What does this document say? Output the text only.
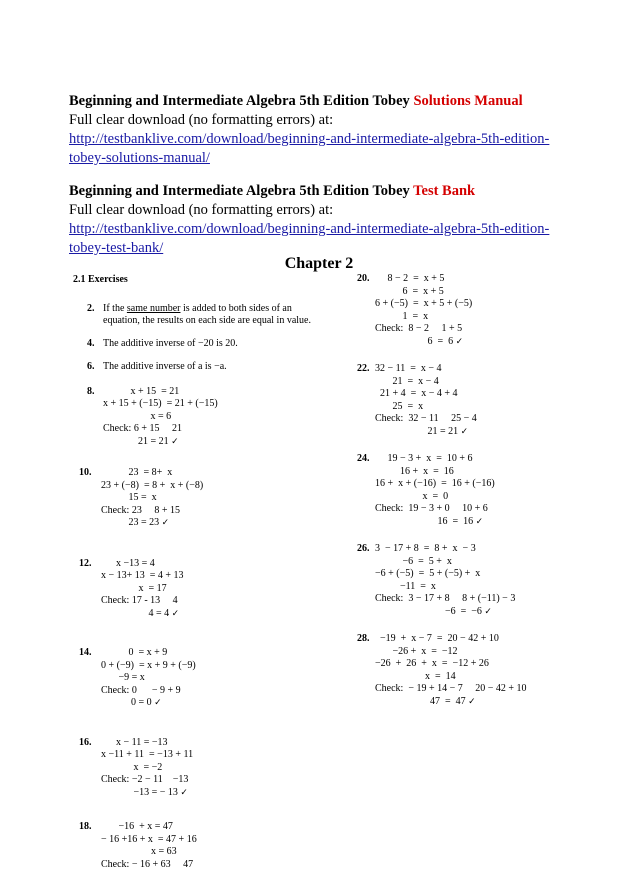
Beginning and Intermediate Algebra 5th Edition Tobey Solutions Manual
Full clear download (no formatting errors) at:
http://testbanklive.com/download/beginning-and-intermediate-algebra-5th-edition-
tobey-solutions-manual/
Beginning and Intermediate Algebra 5th Edition Tobey Test Bank
Full clear download (no formatting errors) at:
http://testbanklive.com/download/beginning-and-intermediate-algebra-5th-edition-
tobey-test-bank/
Chapter 2
2.1 Exercises
2. If the same number is added to both sides of an equation, the results on each side are equal in value.
4. The additive inverse of −20 is 20.
6. The additive inverse of a is −a.
8. x + 15  = 21
x + 15 + (−15)  = 21 + (−15)
x = 6
Check: 6 + 15     21
21 = 21 ✓
10. 23  = 8+  x
23 + (−8)  = 8 +  x + (−8)
15 =  x
Check: 23     8 + 15
23 = 23 ✓
12. x −13 = 4
x − 13+ 13  = 4 + 13
x  = 17
Check: 17 - 13     4
4 = 4 ✓
14. 0  = x + 9
0 + (−9)  = x + 9 + (−9)
−9 = x
Check: 0      − 9 + 9
0 = 0 ✓
16. x − 11 = −13
x −11 + 11  = −13 + 11
x  = −2
Check: −2 − 11    −13
−13 = − 13 ✓
18. −16  + x = 47
− 16 +16 + x  = 47 + 16
x = 63
Check: − 16 + 63     47
20. 8 − 2  =  x + 5
6  =  x + 5
6 + (−5)  =  x + 5 + (−5)
1  =  x
Check:  8 − 2     1 + 5
6  =  6 ✓
22. 32 − 11  =  x − 4
21  =  x − 4
21 + 4  =  x − 4 + 4
25  =  x
Check:  32 − 11     25 − 4
21 = 21 ✓
24. 19 − 3 +  x  =  10 + 6
16 +  x  =  16
16 +  x + (−16)  =  16 + (−16)
x  =  0
Check:  19 − 3 + 0     10 + 6
16  =  16 ✓
26. 3  − 17 + 8  =  8 +  x  − 3
−6  =  5 +  x
−6 + (−5)  =  5 + (−5) +  x
−11  =  x
Check:  3 − 17 + 8     8 + (−11) − 3
−6  =  −6 ✓
28. −19  +  x − 7  =  20 − 42 + 10
−26 +  x  =  −12
−26  +  26  +  x  =  −12 + 26
x  =  14
Check:  − 19 + 14 − 7     20 − 42 + 10
47  =  47 ✓
